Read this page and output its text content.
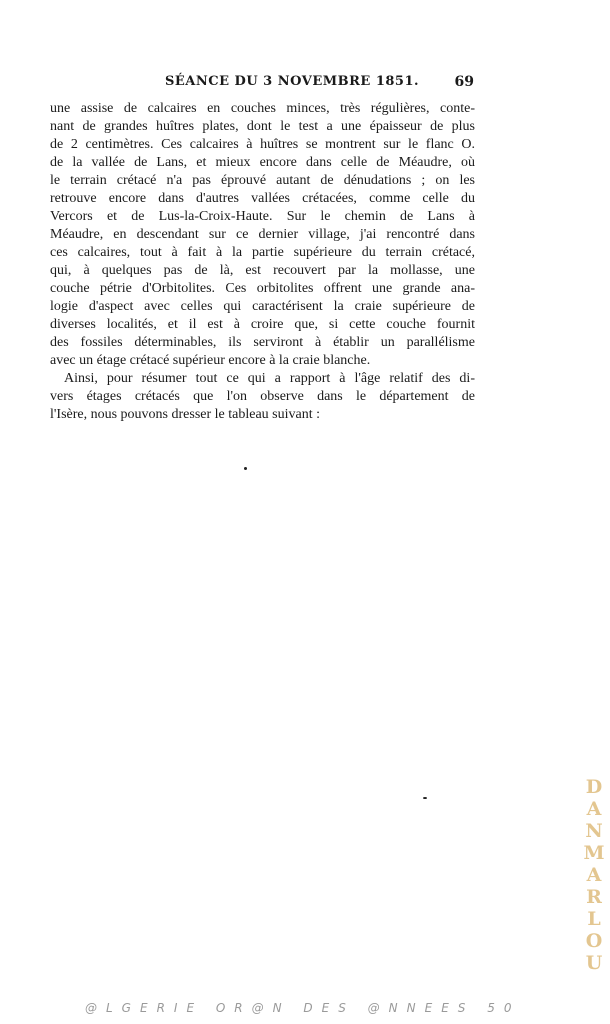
SÉANCE DU 3 NOVEMBRE 1851.	69
une assise de calcaires en couches minces, très régulières, conte-
nant de grandes huîtres plates, dont le test a une épaisseur de plus
de 2 centimètres. Ces calcaires à huîtres se montrent sur le flanc O.
de la vallée de Lans, et mieux encore dans celle de Méaudre, où
le terrain crétacé n'a pas éprouvé autant de dénudations ; on les
retrouve encore dans d'autres vallées crétacées, comme celle du
Vercors et de Lus-la-Croix-Haute. Sur le chemin de Lans à
Méaudre, en descendant sur ce dernier village, j'ai rencontré dans
ces calcaires, tout à fait à la partie supérieure du terrain crétacé,
qui, à quelques pas de là, est recouvert par la mollasse, une
couche pétrie d'Orbitolites. Ces orbitolites offrent une grande ana-
logie d'aspect avec celles qui caractérisent la craie supérieure de
diverses localités, et il est à croire que, si cette couche fournit
des fossiles déterminables, ils serviront à établir un parallélisme
avec un étage crétacé supérieur encore à la craie blanche.
Ainsi, pour résumer tout ce qui a rapport à l'âge relatif des di-
vers étages crétacés que l'on observe dans le département de
l'Isère, nous pouvons dresser le tableau suivant :
D
A
N
M
A
R
L
O
U
@LGERIE OR@N DES @NNEES 50
